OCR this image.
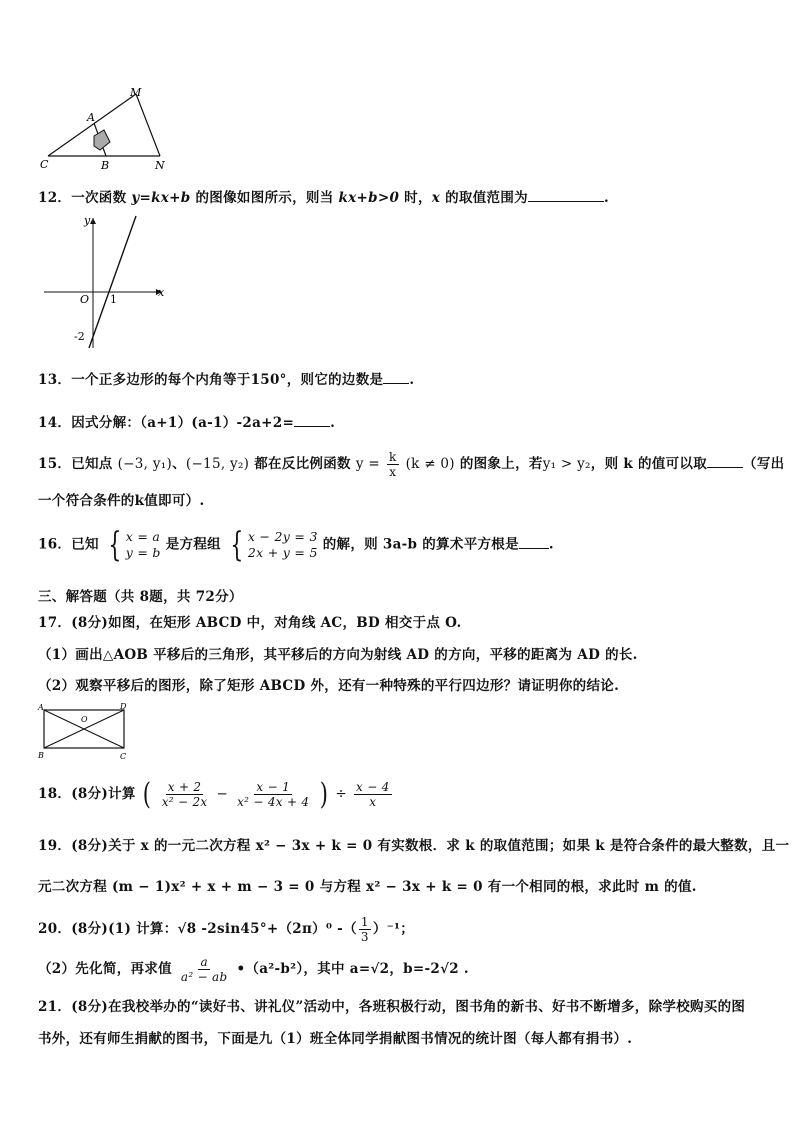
M
A
C	B	N
12．一次函数 y=kx+b 的图像如图所示，则当 kx+b>0 时，x 的取值范围为	.
y
x
O 1
-2
13．一个正多边形的每个内角等于150°，则它的边数是 .
14．因式分解：（a+1）(a-1）-2a+2=	.
15．已知点 (−3, y₁)、(−15, y₂) 都在反比例函数 $y = \frac{k}{x} (k \ne 0)$ 的图象上，若y₁ > y₂，则 k 的值可以取	（写出
一个符合条件的k值即可）.
16．已知 { x = a
y = b 是方程组 { x − 2y = 3
2x + y = 5 的解，则 3a-b 的算术平方根是 .
三、解答题（共 8题，共 72分）
17．(8分)如图，在矩形 ABCD 中，对角线 AC，BD 相交于点 O.
（1）画出△AOB 平移后的三角形，其平移后的方向为射线 AD 的方向，平移的距离为 AD 的长.
（2）观察平移后的图形，除了矩形 ABCD 外，还有一种特殊的平行四边形？请证明你的结论.
A	D
O
B	C
18．(8分)计算 ( $\frac{x + 2}{\text{x² − 2x}} - \frac{x - 1}{\text{x² − 4x + 4}}$ ) ÷ $\frac{x - 4}{x}$
19．(8分)关于 x 的一元二次方程 x² − 3x + k = 0 有实数根．求 k 的取值范围；如果 k 是符合条件的最大整数，且一
元二次方程 (m − 1)x² + x + m − 3 = 0 与方程 x² − 3x + k = 0 有一个相同的根，求此时 m 的值.
20．(8分)(1) 计算：√8 -2sin45°+（2π）⁰ -（ $\frac{1}{3} )^{-1}$；
（2）先化简，再求值 $\frac{a}{\text{a² − ab}}$ •（a²-b²），其中 a=√2，b=-2√2 .
21．(8分)在我校举办的“读好书、讲礼仪”活动中，各班积极行动，图书角的新书、好书不断增多，除学校购买的图
书外，还有师生捐献的图书，下面是九（1）班全体同学捐献图书情况的统计图（每人都有捐书）.
